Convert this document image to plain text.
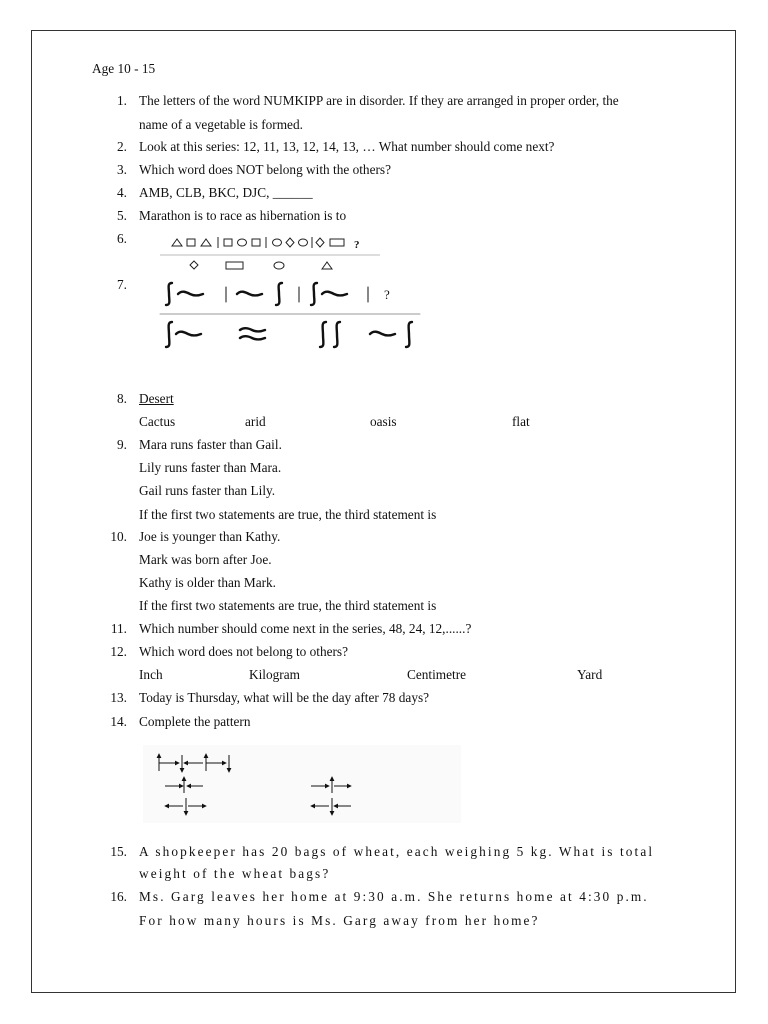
Age 10 - 15
1. The letters of the word NUMKIPP are in disorder. If they are arranged in proper order, the
name of a vegetable is formed.
2. Look at this series: 12, 11, 13, 12, 14, 13, … What number should come next?
3. Which word does NOT belong with the others?
4. AMB, CLB, BKC, DJC, ______
5. Marathon is to race as hibernation is to
6.	?
7.
?
8. Desert
Cactus	arid	oasis	flat
9. Mara runs faster than Gail.
Lily runs faster than Mara.
Gail runs faster than Lily.
If the first two statements are true, the third statement is
10. Joe is younger than Kathy.
Mark was born after Joe.
Kathy is older than Mark.
If the first two statements are true, the third statement is
11. Which number should come next in the series, 48, 24, 12,......?
12. Which word does not belong to others?
Inch	Kilogram	Centimetre	Yard
13. Today is Thursday, what will be the day after 78 days?
14. Complete the pattern
15. A shopkeeper has 20 bags of wheat, each weighing 5 kg. What is total
weight of the wheat bags?
16. Ms. Garg leaves her home at 9:30 a.m. She returns home at 4:30 p.m.
For how many hours is Ms. Garg away from her home?
